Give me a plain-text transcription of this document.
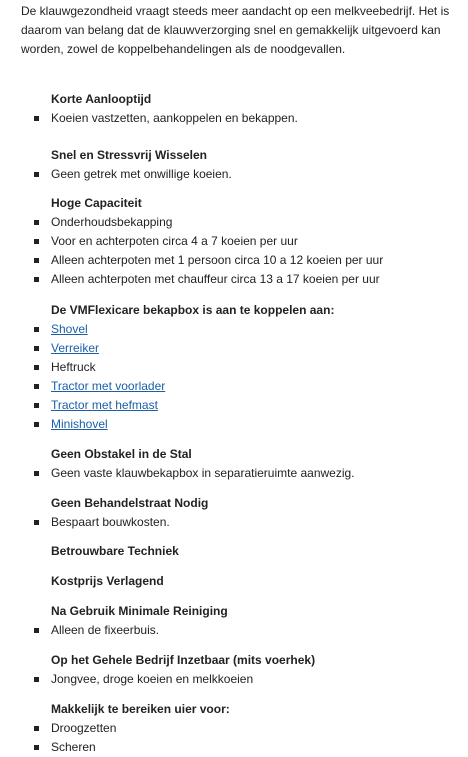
De klauwgezondheid vraagt steeds meer aandacht op een melkveebedrijf. Het is daarom van belang dat de klauwverzorging snel en gemakkelijk uitgevoerd kan worden, zowel de koppelbehandelingen als de noodgevallen.

Korte Aanlooptijd
Koeien vastzetten, aankoppelen en bekappen.
Snel en Stressvrij Wisselen
Geen getrek met onwillige koeien.
Hoge Capaciteit
Onderhoudsbekapping
Voor en achterpoten circa 4 a 7 koeien per uur
Alleen achterpoten met 1 persoon circa 10 a 12 koeien per uur
Alleen achterpoten met chauffeur circa 13 a 17 koeien per uur
De VMFlexicare bekapbox is aan te koppelen aan:
Shovel
Verreiker
Heftruck
Tractor met voorlader
Tractor met hefmast
Minishovel
Geen Obstakel in de Stal
Geen vaste klauwbekapbox in separatieruimte aanwezig.
Geen Behandelstraat Nodig
Bespaart bouwkosten.
Betrouwbare Techniek
Kostprijs Verlagend
Na Gebruik Minimale Reiniging
Alleen de fixeerbuis.
Op het Gehele Bedrijf Inzetbaar (mits voerhek)
Jongvee, droge koeien en melkkoeien
Makkelijk te bereiken uier voor:
Droogzetten
Scheren
